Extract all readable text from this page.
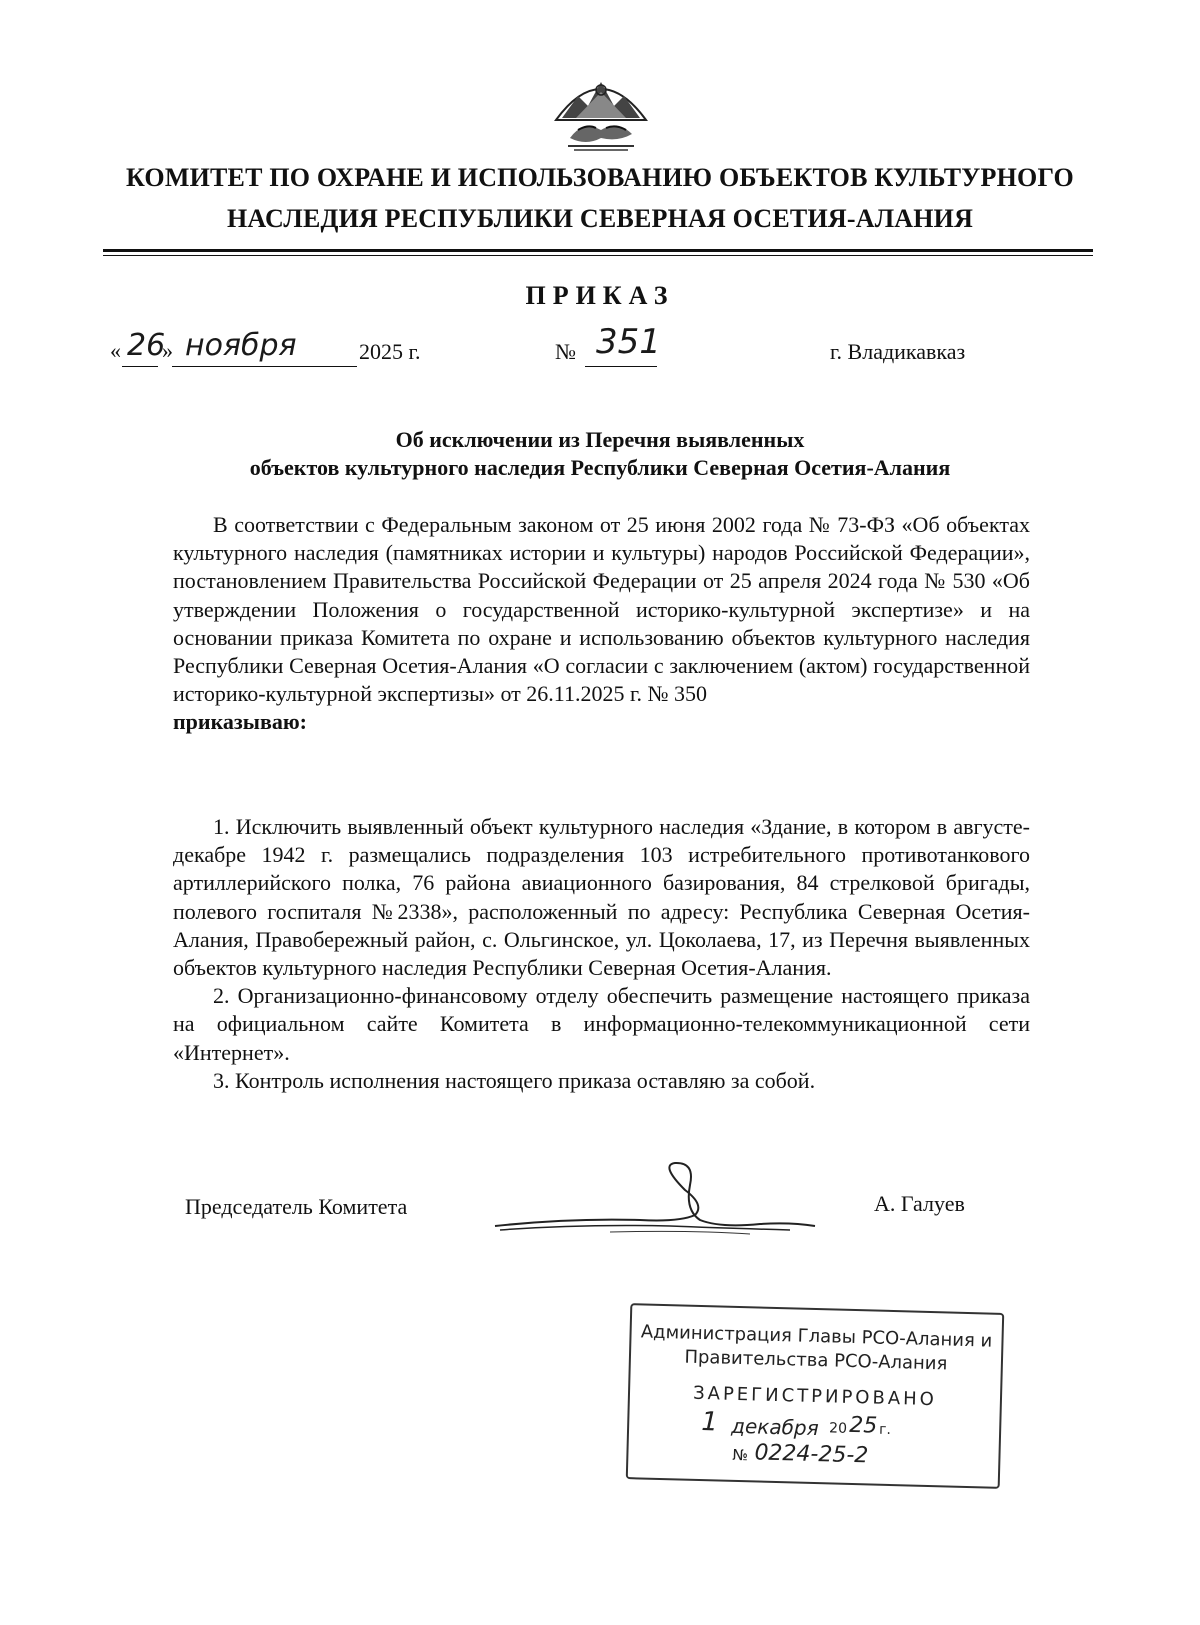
КОМИТЕТ ПО ОХРАНЕ И ИСПОЛЬЗОВАНИЮ ОБЪЕКТОВ КУЛЬТУРНОГО
НАСЛЕДИЯ РЕСПУБЛИКИ СЕВЕРНАЯ ОСЕТИЯ-АЛАНИЯ
ПРИКАЗ
« 26
» ноября	2025 г.	№ 351	г. Владикавказ
Об исключении из Перечня выявленных
объектов культурного наследия Республики Северная Осетия-Алания

В соответствии с Федеральным законом от 25 июня 2002 года № 73-ФЗ «Об объектах культурного наследия (памятниках истории и культуры) народов Российской Федерации», постановлением Правительства Российской Федерации от 25 апреля 2024 года № 530 «Об утверждении Положения о государственной историко-культурной экспертизе» и на основании приказа Комитета по охране и использованию объектов культурного наследия Республики Северная Осетия-Алания «О согласии с заключением (актом) государственной историко-культурной экспертизы» от 26.11.2025 г. № 350

приказываю:

1. Исключить выявленный объект культурного наследия «Здание, в котором в августе-декабре 1942 г. размещались подразделения 103 истребительного противотанкового артиллерийского полка, 76 района авиационного базирования, 84 стрелковой бригады, полевого госпиталя №2338», расположенный по адресу: Республика Северная Осетия-Алания, Правобережный район, с. Ольгинское, ул. Цоколаева, 17, из Перечня выявленных объектов культурного наследия Республики Северная Осетия-Алания.

2. Организационно-финансовому отделу обеспечить размещение настоящего приказа на официальном сайте Комитета в информационно-телекоммуникационной сети «Интернет».

3. Контроль исполнения настоящего приказа оставляю за собой.

Председатель Комитета	А. Галуев
Администрация Главы РСО-Алания и
Правительства РСО-Алания
ЗАРЕГИСТРИРОВАНО
1 декабря 20 25 г.
№ 0224-25-2
